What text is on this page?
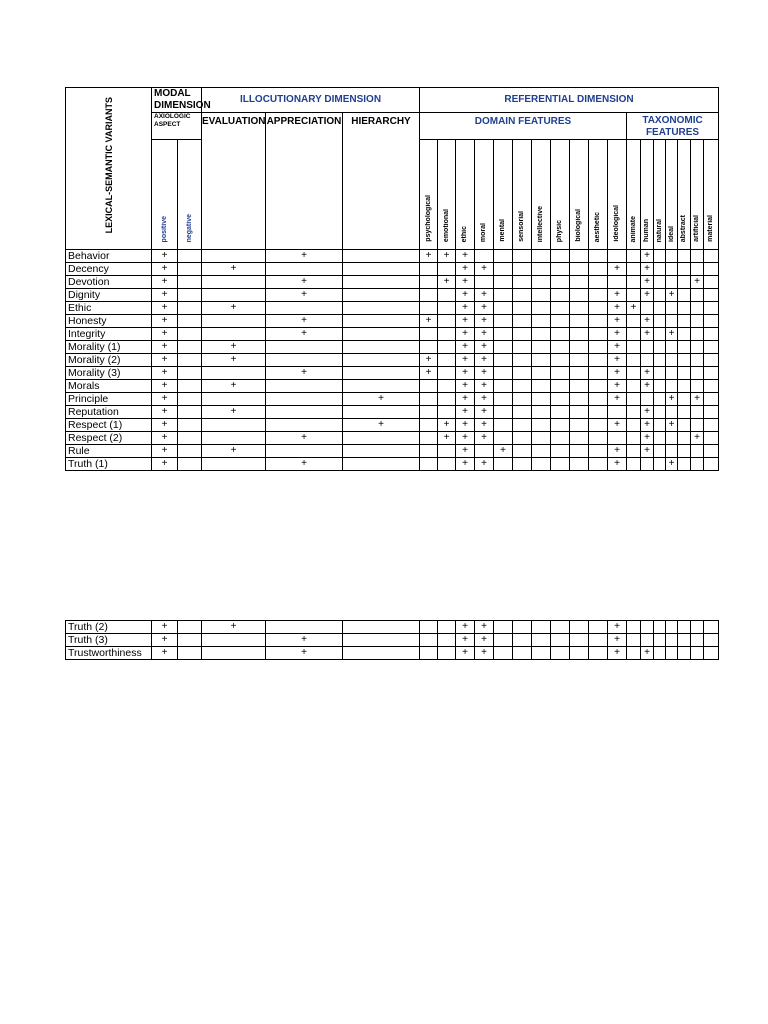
LEXICAL-SEMANTIC VARIANTS	MODAL DIMENSION		ILLOCUTIONARY DIMENSION			REFERENTIAL DIMENSION																	
	AXIOLOGIC ASPECT		EVALUATION	APPRECIATION	HIERARCHY	DOMAIN FEATURES											TAXONOMIC FEATURES						
	positive	negative				psychological	emotional	ethic	moral	mental	sensorial	intellective	physic	biological	aesthetic	ideological	animate	human	natural	ideal	abstract	artificial	material
Behavior	+			+		+	+	+										+					
Decency	+		+					+	+							+		+					
Devotion	+			+			+	+										+				+	
Dignity	+			+				+	+							+		+		+			
Ethic	+		+					+	+							+	+						
Honesty	+			+		+		+	+							+		+					
Integrity	+			+				+	+							+		+		+			
Morality (1)	+		+					+	+							+							
Morality (2)	+		+			+		+	+							+							
Morality (3)	+			+		+		+	+							+		+					
Morals	+		+					+	+							+		+					
Principle	+				+			+	+							+				+		+	
Reputation	+		+					+	+									+					
Respect (1)	+				+		+	+	+							+		+		+			
Respect (2)	+			+			+	+	+									+				+	
Rule	+		+					+		+						+		+					
Truth (1)	+			+				+	+							+				+			
Truth (2)	+		+					+	+							+							
Truth (3)	+			+				+	+							+							
Trustworthiness	+			+				+	+							+		+					
